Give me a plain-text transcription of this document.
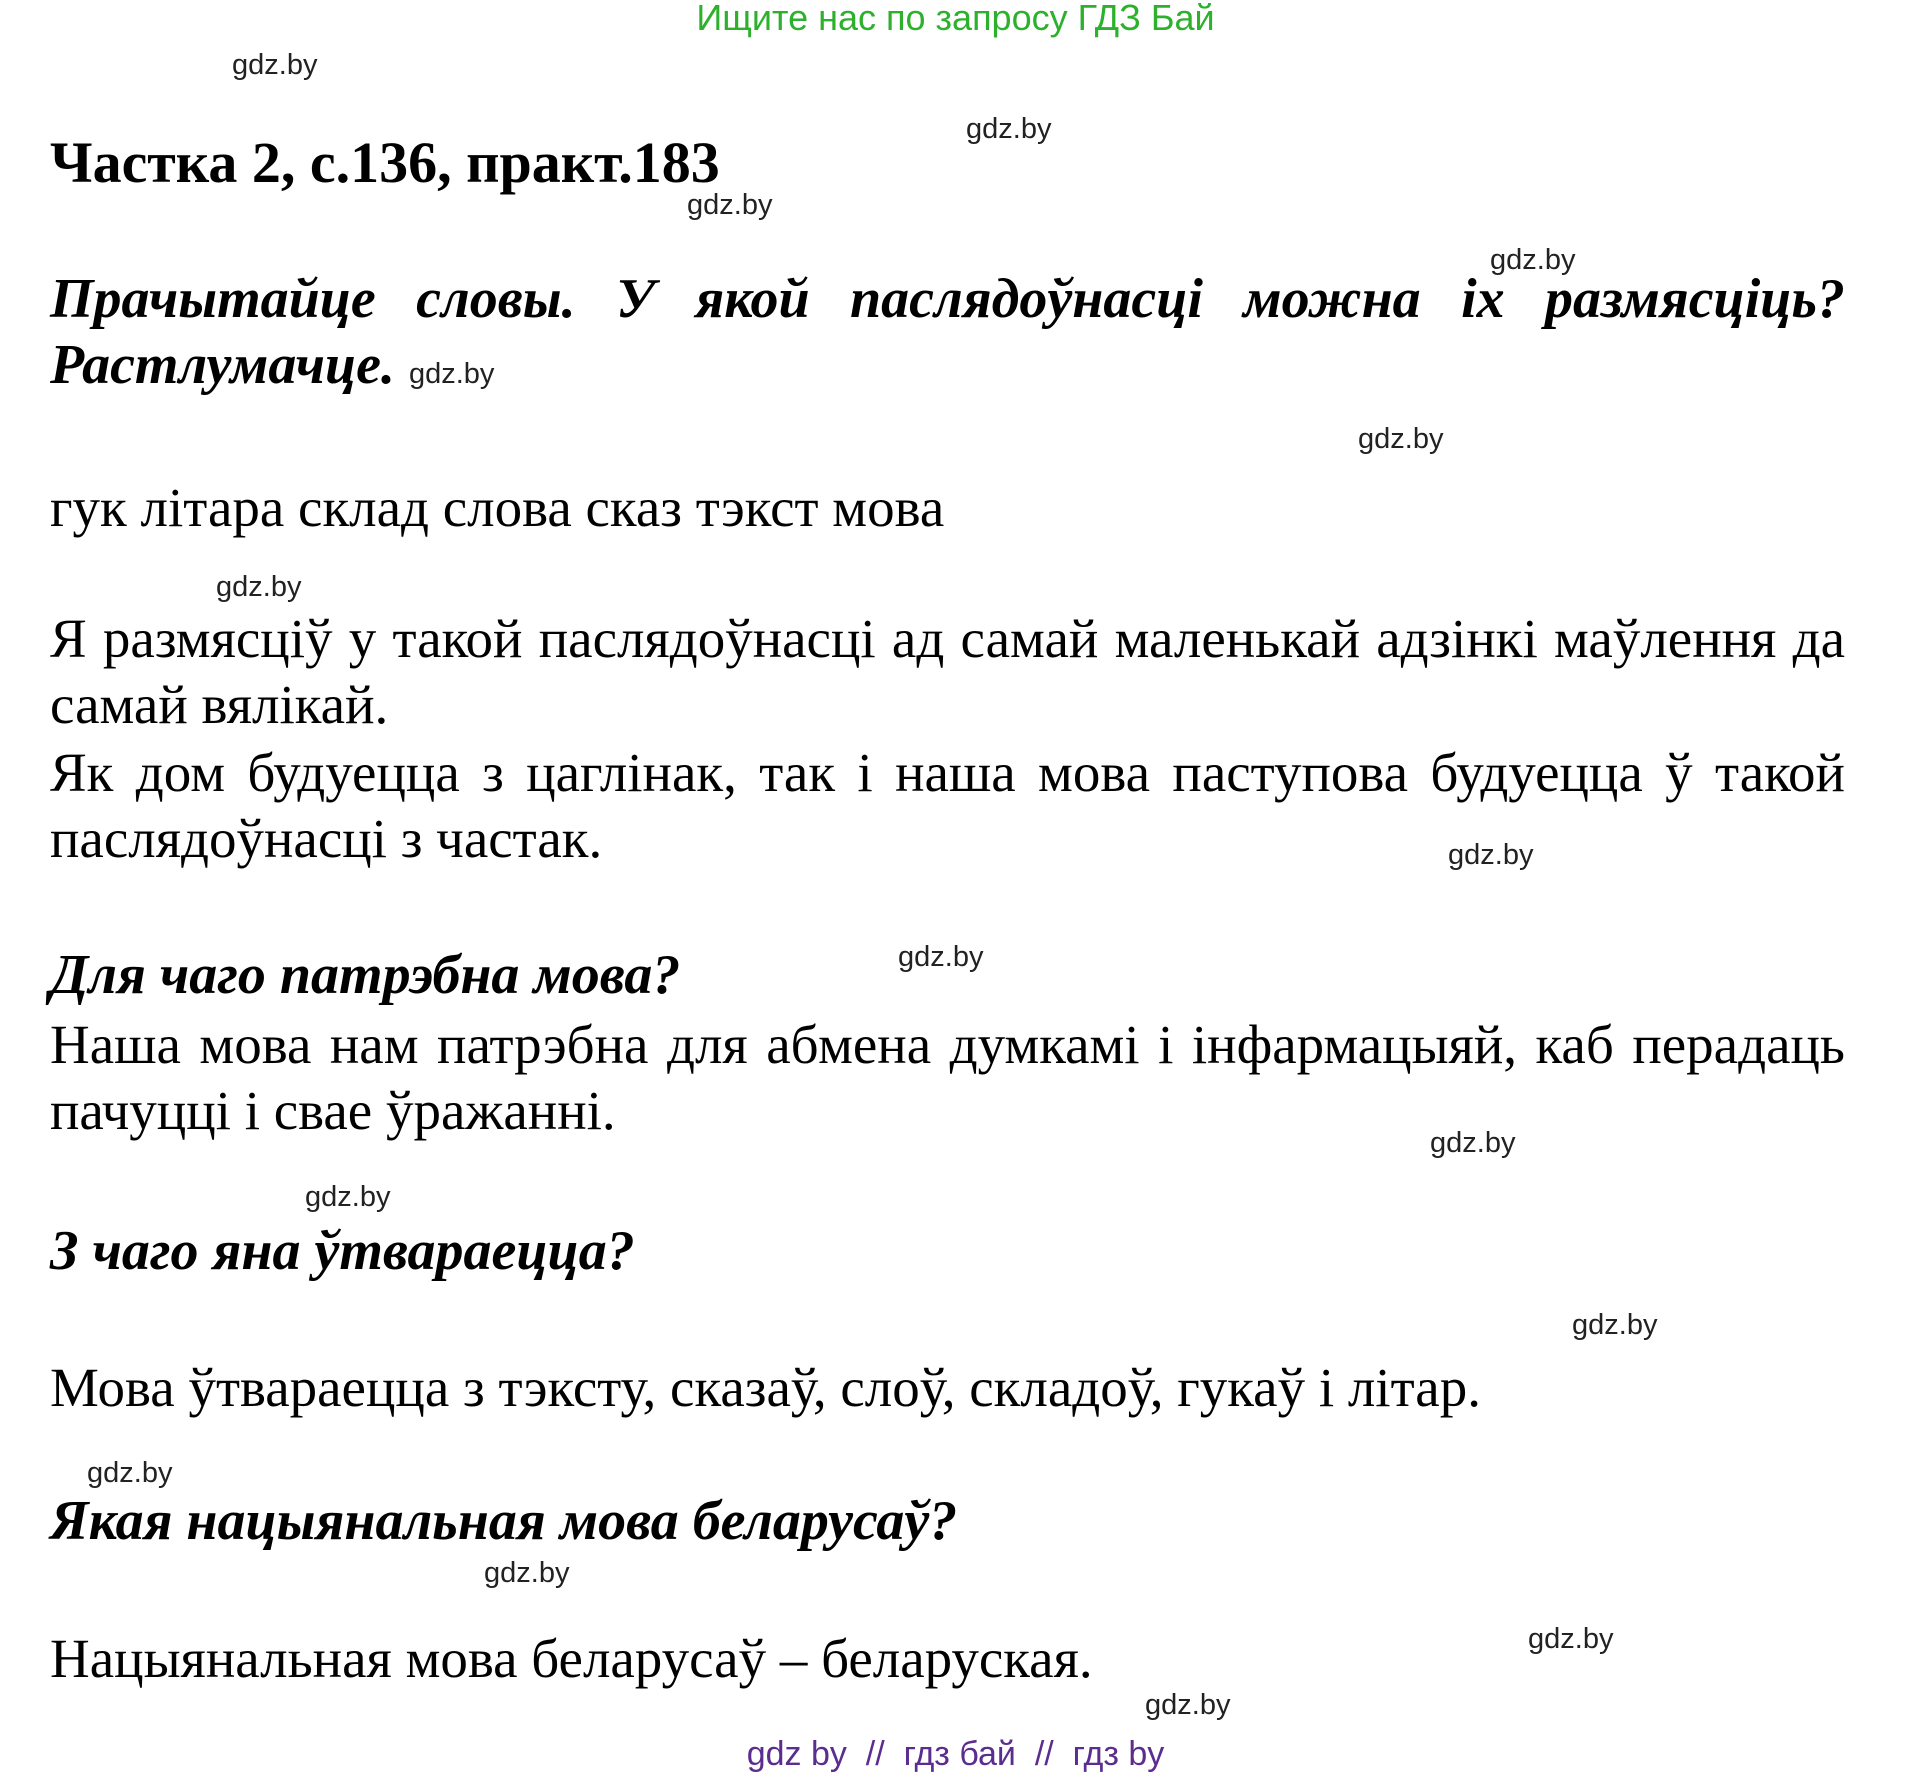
Ищите нас по запросу ГДЗ Бай
gdz.by
gdz.by
gdz.by
gdz.by
gdz.by
gdz.by
gdz.by
gdz.by
gdz.by
gdz.by
gdz.by
gdz.by
gdz.by
gdz.by
gdz.by
Частка 2, с.136, практ.183
Прачытайце словы. У якой паслядоўнасці можна іх размясціць? Растлумачце. gdz.by
гук літара склад слова сказ тэкст мова
Я размясціў у такой паслядоўнасці ад самай маленькай адзінкі маўлення да самай вялікай.
Як дом будуецца з цаглінак, так і наша мова паступова будуецца ў такой паслядоўнасці з частак.
Для чаго патрэбна мова?
Наша мова нам патрэбна для абмена думкамі і інфармацыяй, каб перадаць пачуцці і свае ўражанні.
З чаго яна ўтвараецца?
Мова ўтвараецца з тэксту, сказаў, слоў, складоў, гукаў і літар.
Якая нацыянальная мова беларусаў?
Нацыянальная мова беларусаў – беларуская.
gdz by  //  гдз бай  //  гдз by
